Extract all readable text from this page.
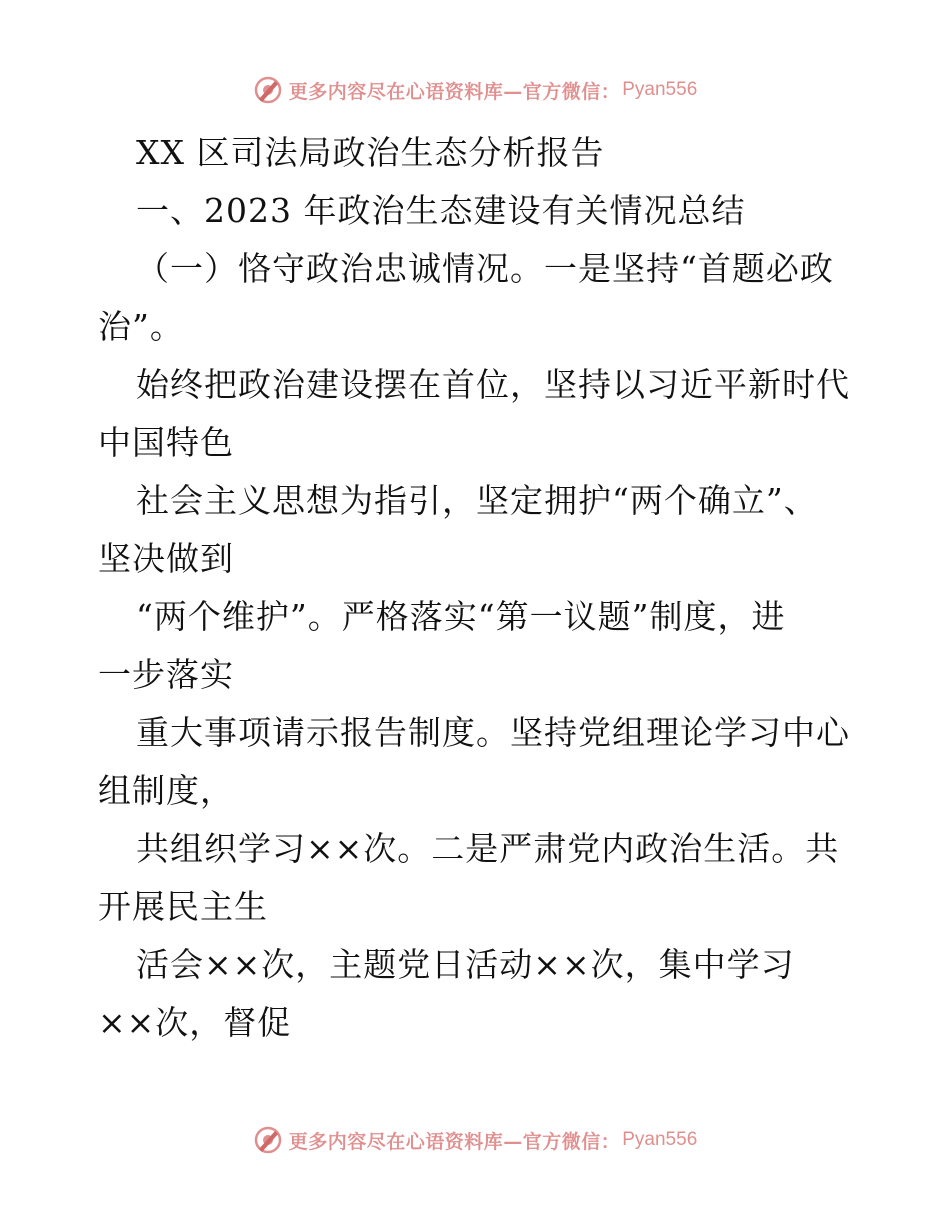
更多内容尽在心语资料库—官方微信： Pyan556
XX 区司法局政治生态分析报告
一、2023 年政治生态建设有关情况总结
（一）恪守政治忠诚情况。一是坚持“首题必政
治”。
始终把政治建设摆在首位，坚持以习近平新时代
中国特色
社会主义思想为指引，坚定拥护“两个确立”、
坚决做到
“两个维护”。严格落实“第一议题”制度，进
一步落实
重大事项请示报告制度。坚持党组理论学习中心
组制度，
共组织学习××次。二是严肃党内政治生活。共
开展民主生
活会××次，主题党日活动××次，集中学习
××次，督促
更多内容尽在心语资料库—官方微信： Pyan556
